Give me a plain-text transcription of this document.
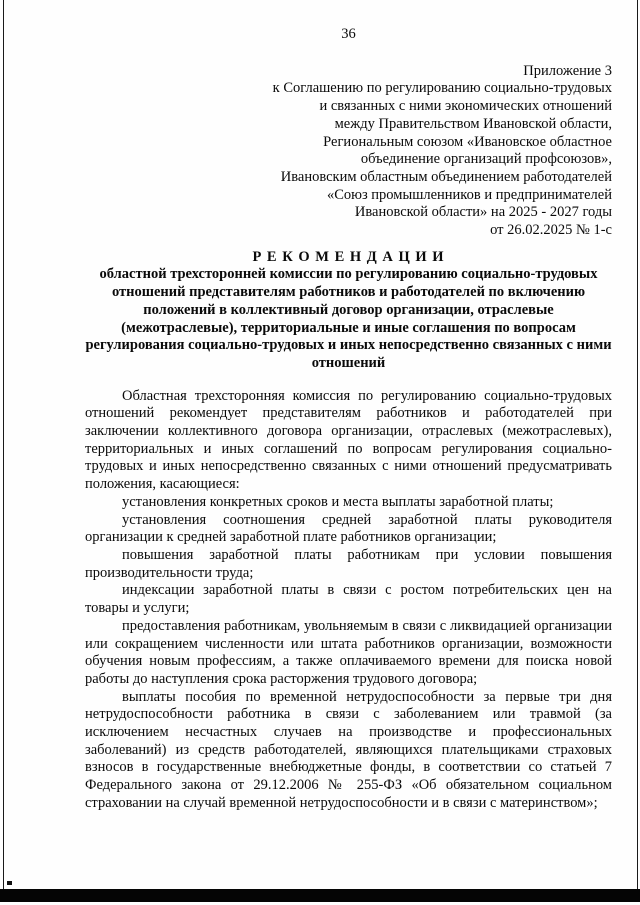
36
Приложение 3
к Соглашению по регулированию социально-трудовых
и связанных с ними экономических отношений
между Правительством Ивановской области,
Региональным союзом «Ивановское областное
объединение организаций профсоюзов»,
Ивановским областным объединением работодателей
«Союз промышленников и предпринимателей
Ивановской области» на 2025 - 2027 годы
от 26.02.2025 № 1-с
Р Е К О М Е Н Д А Ц И И
областной трехсторонней комиссии по регулированию социально-трудовых отношений представителям работников и работодателей по включению положений в коллективный договор организации, отраслевые (межотраслевые), территориальные и иные соглашения по вопросам регулирования социально-трудовых и иных непосредственно связанных с ними отношений

Областная трехсторонняя комиссия по регулированию социально-трудовых отношений рекомендует представителям работников и работодателей при заключении коллективного договора организации, отраслевых (межотраслевых), территориальных и иных соглашений по вопросам регулирования социально-трудовых и иных непосредственно связанных с ними отношений предусматривать положения, касающиеся:

установления конкретных сроков и места выплаты заработной платы;

установления соотношения средней заработной платы руководителя организации к средней заработной плате работников организации;

повышения заработной платы работникам при условии повышения производительности труда;

индексации заработной платы в связи с ростом потребительских цен на товары и услуги;

предоставления работникам, увольняемым в связи с ликвидацией организации или сокращением численности или штата работников организации, возможности обучения новым профессиям, а также оплачиваемого времени для поиска новой работы до наступления срока расторжения трудового договора;

выплаты пособия по временной нетрудоспособности за первые три дня нетрудоспособности работника в связи с заболеванием или травмой (за исключением несчастных случаев на производстве и профессиональных заболеваний) из средств работодателей, являющихся плательщиками страховых взносов в государственные внебюджетные фонды, в соответствии со статьей 7 Федерального закона от 29.12.2006 № 255-ФЗ «Об обязательном социальном страховании на случай временной нетрудоспособности и в связи с материнством»;
